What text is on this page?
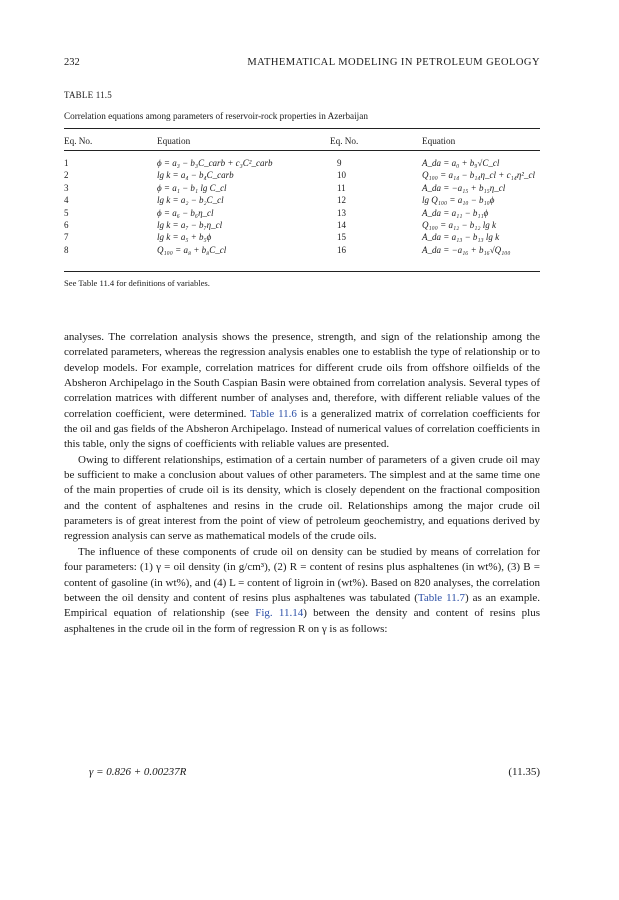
232	MATHEMATICAL MODELING IN PETROLEUM GEOLOGY
TABLE 11.5
Correlation equations among parameters of reservoir-rock properties in Azerbaijan
Eq. No.	Equation	Eq. No.	Equation
1	ϕ = a₃ − b₃C_carb + c₃C²_carb	9	A_da = a₀ + b₉√C_cl
2	lg k = a₄ − b₄C_carb	10	Q₁₀₀ = a₁₄ − b₁₄η_cl + c₁₄η²_cl
3	ϕ = a₁ − b₁ lg C_cl	11	A_da = −a₁₅ + b₁₅η_cl
4	lg k = a₂ − b₂C_cl	12	lg Q₁₀₀ = a₁₀ − b₁₀ϕ
5	ϕ = a₆ − b₆η_cl	13	A_da = a₁₁ − b₁₁ϕ
6	lg k = a₇ − b₇η_cl	14	Q₁₀₀ = a₁₂ − b₁₂ lg k
7	lg k = a₅ + b₅ϕ	15	A_da = a₁₃ − b₁₃ lg k
8	Q₁₀₀ = a₈ + b₈C_cl	16	A_da = −a₁₆ + b₁₆√Q₁₀₀
See Table 11.4 for definitions of variables.

analyses. The correlation analysis shows the presence, strength, and sign of the relationship among the correlated parameters, whereas the regression analysis enables one to establish the type of relationship or to develop models. For example, correlation matrices for different crude oils from offshore oilfields of the Absheron Archipelago in the South Caspian Basin were obtained from correlation analysis. Several types of correlation matrices with different number of analyses and, therefore, with different reliable values of the correlation coefficient, were determined. Table 11.6 is a generalized matrix of correlation coefficients for the oil and gas fields of the Absheron Archipelago. Instead of numerical values of correlation coefficients in this table, only the signs of coefficients with reliable values are presented.

Owing to different relationships, estimation of a certain number of parameters of a given crude oil may be sufficient to make a conclusion about values of other parameters. The simplest and at the same time one of the main properties of crude oil is its density, which is closely dependent on the fractional composition and the content of asphaltenes and resins in the crude oil. Relationships among the major crude oil parameters is of great interest from the point of view of petroleum geochemistry, and equations derived by regression analysis can serve as mathematical models of the crude oils.

The influence of these components of crude oil on density can be studied by means of correlation for four parameters: (1) γ = oil density (in g/cm³), (2) R = content of resins plus asphaltenes (in wt%), (3) B = content of gasoline (in wt%), and (4) L = content of ligroin in (wt%). Based on 820 analyses, the correlation between the oil density and content of resins plus asphaltenes was tabulated (Table 11.7) as an example. Empirical equation of relationship (see Fig. 11.14) between the density and content of resins plus asphaltenes in the crude oil in the form of regression R on γ is as follows:

γ = 0.826 + 0.00237R	(11.35)
